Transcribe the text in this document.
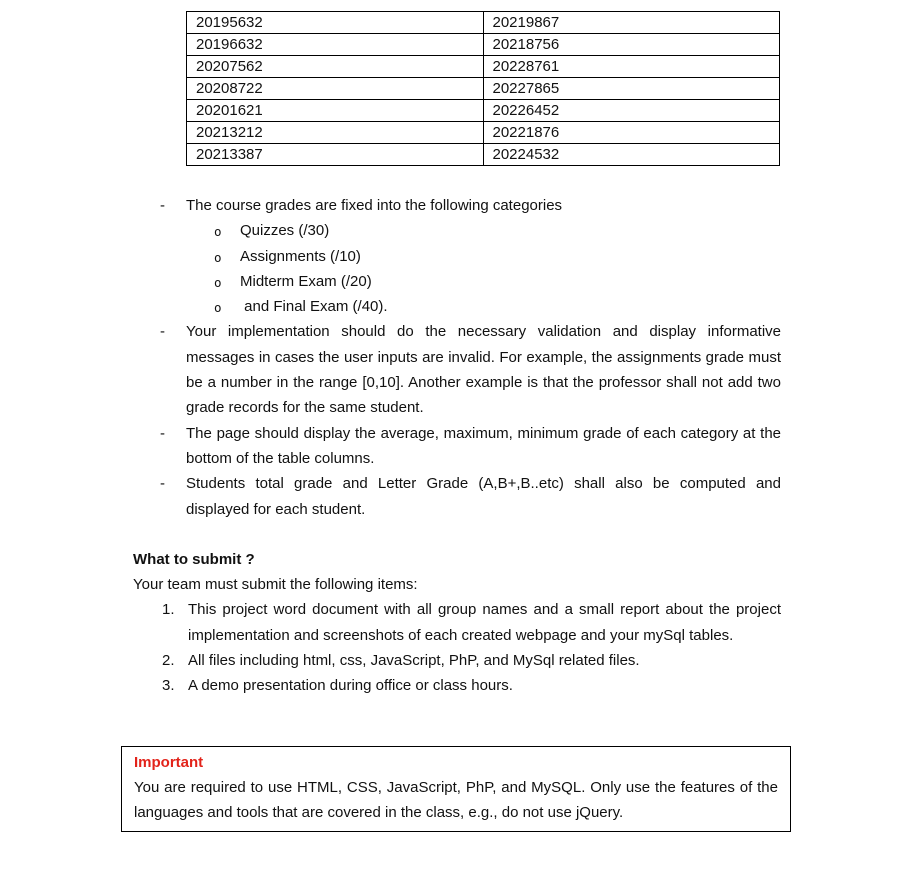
20195632	20219867
20196632	20218756
20207562	20228761
20208722	20227865
20201621	20226452
20213212	20221876
20213387	20224532
- The course grades are fixed into the following categories
o Quizzes (/30)
o Assignments (/10)
o Midterm Exam (/20)
o and Final Exam (/40).
- Your implementation should do the necessary validation and display informative messages in cases the user inputs are invalid. For example, the assignments grade must be a number in the range [0,10]. Another example is that the professor shall not add two grade records for the same student.
- The page should display the average, maximum, minimum grade of each category at the bottom of the table columns.
- Students total grade and Letter Grade (A,B+,B..etc) shall also be computed and displayed for each student.
What to submit ?
Your team must submit the following items:
1. This project word document with all group names and a small report about the project implementation and screenshots of each created webpage and your mySql tables.
2. All files including html, css, JavaScript, PhP, and MySql related files.
3. A demo presentation during office or class hours.
Important
You are required to use HTML, CSS, JavaScript, PhP, and MySQL. Only use the features of the languages and tools that are covered in the class, e.g., do not use jQuery.
